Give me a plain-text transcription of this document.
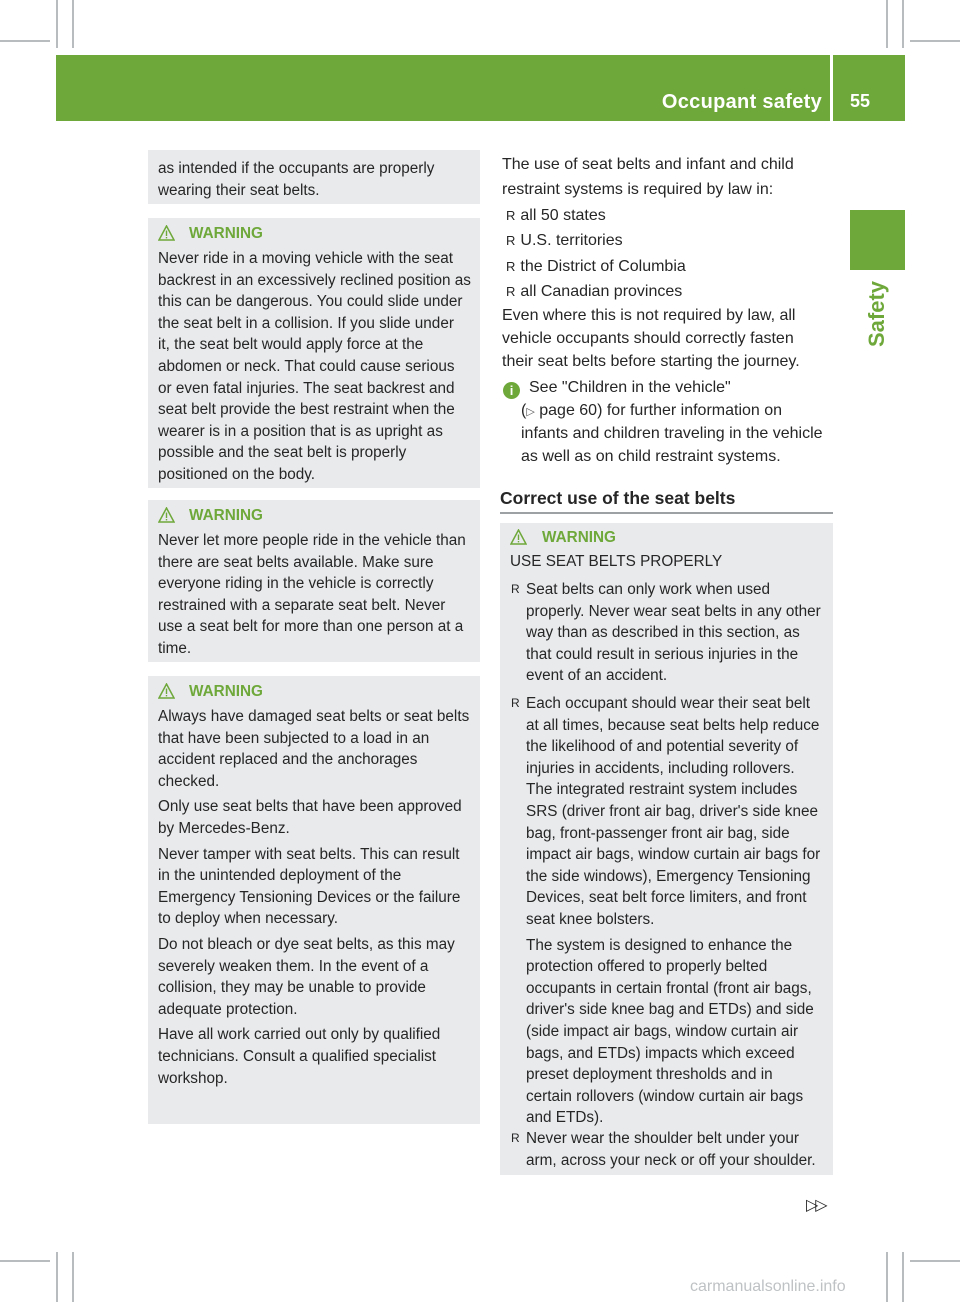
Occupant safety 55
Safety

as intended if the occupants are properly

wearing their seat belts.

WARNING

Never ride in a moving vehicle with the seat

backrest in an excessively reclined position as

this can be dangerous. You could slide under

the seat belt in a collision. If you slide under

it, the seat belt would apply force at the

abdomen or neck. That could cause serious

or even fatal injuries. The seat backrest and

seat belt provide the best restraint when the

wearer is in a position that is as upright as

possible and the seat belt is properly

positioned on the body.

WARNING

Never let more people ride in the vehicle than

there are seat belts available. Make sure

everyone riding in the vehicle is correctly

restrained with a separate seat belt. Never

use a seat belt for more than one person at a

time.

WARNING

Always have damaged seat belts or seat belts

that have been subjected to a load in an

accident replaced and the anchorages

checked.

Only use seat belts that have been approved

by Mercedes-Benz.

Never tamper with seat belts. This can result

in the unintended deployment of the

Emergency Tensioning Devices or the failure

to deploy when necessary.

Do not bleach or dye seat belts, as this may

severely weaken them. In the event of a

collision, they may be unable to provide

adequate protection.

Have all work carried out only by qualified

technicians. Consult a qualified specialist

workshop.

The use of seat belts and infant and child

restraint systems is required by law in:

R all 50 states

R U.S. territories

R the District of Columbia

R all Canadian provinces

Even where this is not required by law, all

vehicle occupants should correctly fasten

their seat belts before starting the journey.

i See "Children in the vehicle"

(▷ page 60) for further information on

infants and children traveling in the vehicle

as well as on child restraint systems.

Correct use of the seat belts
WARNING
USE SEAT BELTS PROPERLY
R Seat belts can only work when used

properly. Never wear seat belts in any other

way than as described in this section, as

that could result in serious injuries in the

event of an accident.

R Each occupant should wear their seat belt

at all times, because seat belts help reduce

the likelihood of and potential severity of

injuries in accidents, including rollovers.

The integrated restraint system includes

SRS (driver front air bag, driver's side knee

bag, front-passenger front air bag, side

impact air bags, window curtain air bags for

the side windows), Emergency Tensioning

Devices, seat belt force limiters, and front

seat knee bolsters.

The system is designed to enhance the

protection offered to properly belted

occupants in certain frontal (front air bags,

driver's side knee bag and ETDs) and side

(side impact air bags, window curtain air

bags, and ETDs) impacts which exceed

preset deployment thresholds and in

certain rollovers (window curtain air bags

and ETDs).

R Never wear the shoulder belt under your

arm, across your neck or off your shoulder.

▷▷
carmanualsonline.info
